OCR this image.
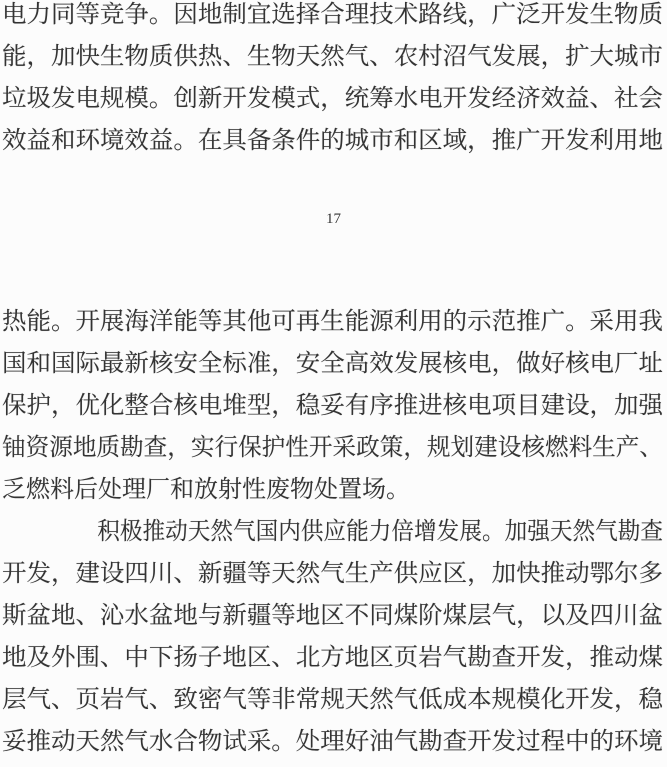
电力同等竞争。因地制宜选择合理技术路线，广泛开发生物质
能，加快生物质供热、生物天然气、农村沼气发展，扩大城市
垃圾发电规模。创新开发模式，统筹水电开发经济效益、社会
效益和环境效益。在具备条件的城市和区域，推广开发利用地
17
热能。开展海洋能等其他可再生能源利用的示范推广。采用我
国和国际最新核安全标准，安全高效发展核电，做好核电厂址
保护，优化整合核电堆型，稳妥有序推进核电项目建设，加强
铀资源地质勘查，实行保护性开采政策，规划建设核燃料生产、
乏燃料后处理厂和放射性废物处置场。
积极推动天然气国内供应能力倍增发展。加强天然气勘查
开发，建设四川、新疆等天然气生产供应区，加快推动鄂尔多
斯盆地、沁水盆地与新疆等地区不同煤阶煤层气，以及四川盆
地及外围、中下扬子地区、北方地区页岩气勘查开发，推动煤
层气、页岩气、致密气等非常规天然气低成本规模化开发，稳
妥推动天然气水合物试采。处理好油气勘查开发过程中的环境
